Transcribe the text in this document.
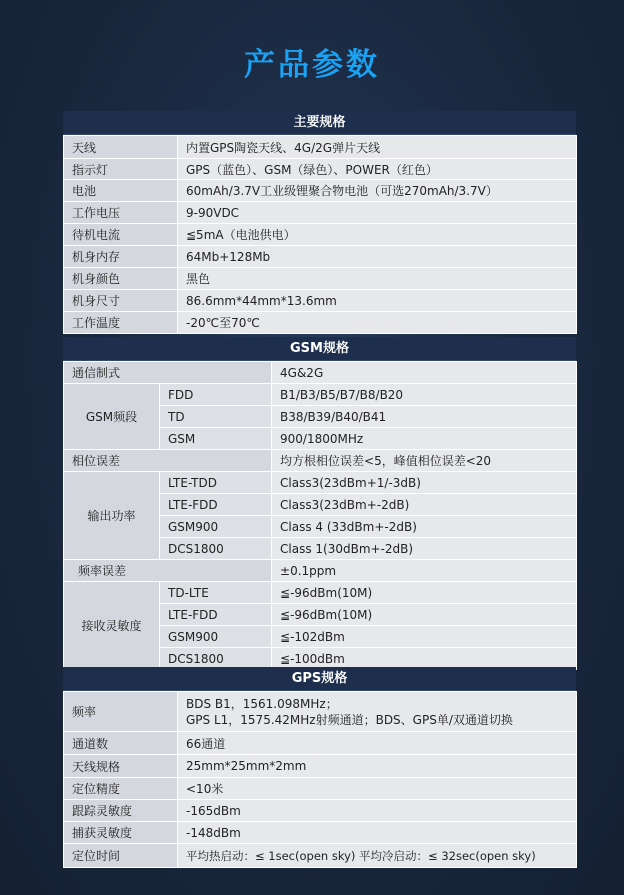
产品参数
主要规格
天线	内置GPS陶瓷天线、4G/2G弹片天线
指示灯	GPS（蓝色）、GSM（绿色）、POWER（红色）
电池	60mAh/3.7V工业级锂聚合物电池（可选270mAh/3.7V）
工作电压	9-90VDC
待机电流	≦5mA（电池供电）
机身内存	64Mb+128Mb
机身颜色	黑色
机身尺寸	86.6mm*44mm*13.6mm
工作温度	-20℃至70℃
GSM规格
通信制式		4G&2G
GSM频段	FDD	B1/B3/B5/B7/B8/B20
	TD	B38/B39/B40/B41
	GSM	900/1800MHz
相位误差		均方根相位误差<5，峰值相位误差<20
输出功率	LTE-TDD	Class3(23dBm+1/-3dB)
	LTE-FDD	Class3(23dBm+-2dB)
	GSM900	Class 4 (33dBm+-2dB)
	DCS1800	Class 1(30dBm+-2dB)
频率误差		±0.1ppm
接收灵敏度	TD-LTE	≦-96dBm(10M)
	LTE-FDD	≦-96dBm(10M)
	GSM900	≦-102dBm
	DCS1800	≦-100dBm
GPS规格
频率	BDS B1，1561.098MHz；
GPS L1，1575.42MHz射频通道；BDS、GPS单/双通道切换

通道数	66通道
天线规格	25mm*25mm*2mm
定位精度	<10米
跟踪灵敏度	-165dBm
捕获灵敏度	-148dBm
定位时间	平均热启动：≤ 1sec(open sky) 平均冷启动：≤ 32sec(open sky)
